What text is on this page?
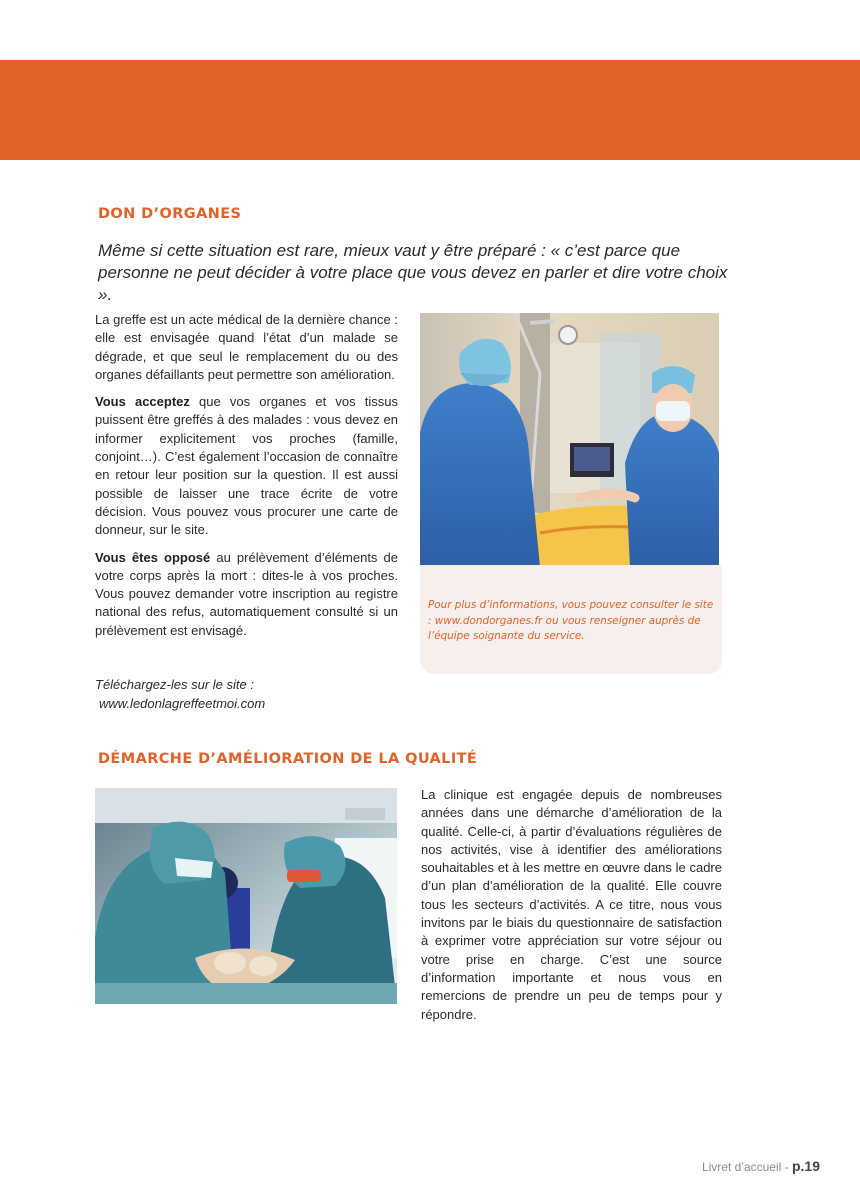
DON D’ORGANES

Même si cette situation est rare, mieux vaut y être préparé : « c’est parce que personne ne peut décider à votre place que vous devez en parler et dire votre choix ».

La greffe est un acte médical de la dernière chance : elle est envisagée quand l’état d’un malade se dégrade, et que seul le remplacement du ou des organes défaillants peut permettre son amélioration.

Vous acceptez que vos organes et vos tissus puissent être greffés à des malades : vous devez en informer explicitement vos proches (famille, conjoint…). C’est également l’occasion de connaître en retour leur position sur la question. Il est aussi possible de laisser une trace écrite de votre décision. Vous pouvez vous procurer une carte de donneur, sur le site.

Vous êtes opposé au prélèvement d’éléments de votre corps après la mort : dites-le à vos proches. Vous pouvez demander votre inscription au registre national des refus, automatiquement consulté si un prélèvement est envisagé.

Téléchargez-les sur le site :
www.ledonlagreffeetmoi.com

Pour plus d’informations, vous pouvez consulter le site : www.dondorganes.fr ou vous renseigner auprès de l’équipe soignante du service.

DÉMARCHE D’AMÉLIORATION DE LA QUALITÉ

La clinique est engagée depuis de nombreuses années dans une démarche d’amélioration de la qualité. Celle-ci, à partir d’évaluations régulières de nos activités, vise à identifier des améliorations souhaitables et à les mettre en œuvre dans le cadre d’un plan d’amélioration de la qualité. Elle couvre tous les secteurs d’activités. A ce titre, nous vous invitons par le biais du questionnaire de satisfaction à exprimer votre appréciation sur votre séjour ou votre prise en charge. C’est une source d’information importante et nous vous en remercions de prendre un peu de temps pour y répondre.

Livret d’accueil - p.19
